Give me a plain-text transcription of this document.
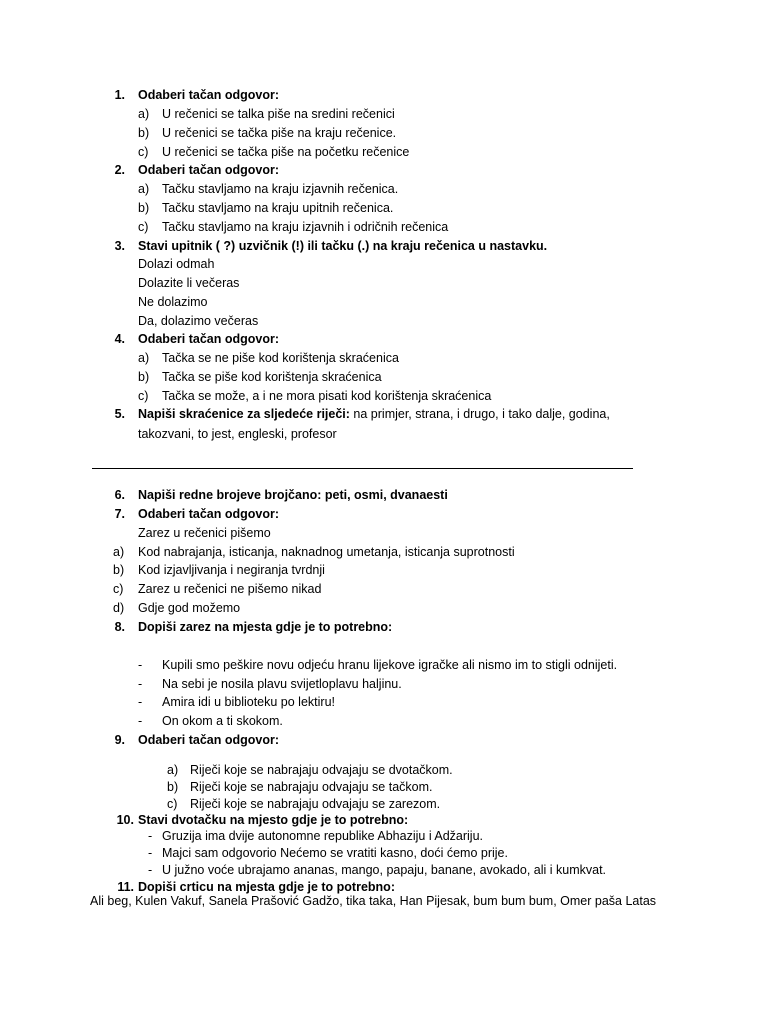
1. Odaberi tačan odgovor:
a) U rečenici se talka piše na sredini rečenici
b) U rečenici se tačka piše na kraju rečenice.
c) U rečenici se tačka piše na početku rečenice
2. Odaberi tačan odgovor:
a) Tačku stavljamo na kraju izjavnih rečenica.
b) Tačku stavljamo na kraju upitnih rečenica.
c) Tačku stavljamo na kraju izjavnih i odričnih rečenica
3. Stavi upitnik ( ?) uzvičnik (!) ili tačku (.) na kraju rečenica u nastavku.
Dolazi odmah
Dolazite li večeras
Ne dolazimo
Da, dolazimo večeras
4. Odaberi tačan odgovor:
a) Tačka se ne piše kod korištenja skraćenica
b) Tačka se piše kod korištenja skraćenica
c) Tačka se može, a i ne mora pisati kod korištenja skraćenica
5. Napiši skraćenice za sljedeće riječi: na primjer, strana, i drugo, i tako dalje, godina,
takozvani, to jest, engleski, profesor
6. Napiši redne brojeve brojčano: peti, osmi, dvanaesti
7. Odaberi tačan odgovor:
Zarez u rečenici pišemo
a) Kod nabrajanja, isticanja, naknadnog umetanja, isticanja suprotnosti
b) Kod izjavljivanja i negiranja tvrdnji
c) Zarez u rečenici ne pišemo nikad
d) Gdje god možemo
8. Dopiši zarez na mjesta gdje je to potrebno:
- Kupili smo peškire novu odjeću hranu lijekove igračke ali nismo im to stigli odnijeti.
- Na sebi je nosila plavu svijetloplavu haljinu.
- Amira idi u biblioteku po lektiru!
- On okom a ti skokom.
9. Odaberi tačan odgovor:
a) Riječi koje se nabrajaju odvajaju se dvotačkom.
b) Riječi koje se nabrajaju odvajaju se tačkom.
c) Riječi koje se nabrajaju odvajaju se zarezom.
10. Stavi dvotačku na mjesto gdje je to potrebno:
- Gruzija ima dvije autonomne republike Abhaziju i Adžariju.
- Majci sam odgovorio Nećemo se vratiti kasno, doći ćemo prije.
- U južno voće ubrajamo ananas, mango, papaju, banane, avokado, ali i kumkvat.
11. Dopiši crticu na mjesta gdje je to potrebno:
Ali beg, Kulen Vakuf, Sanela Prašović Gadžo, tika taka, Han Pijesak, bum bum bum, Omer paša Latas
